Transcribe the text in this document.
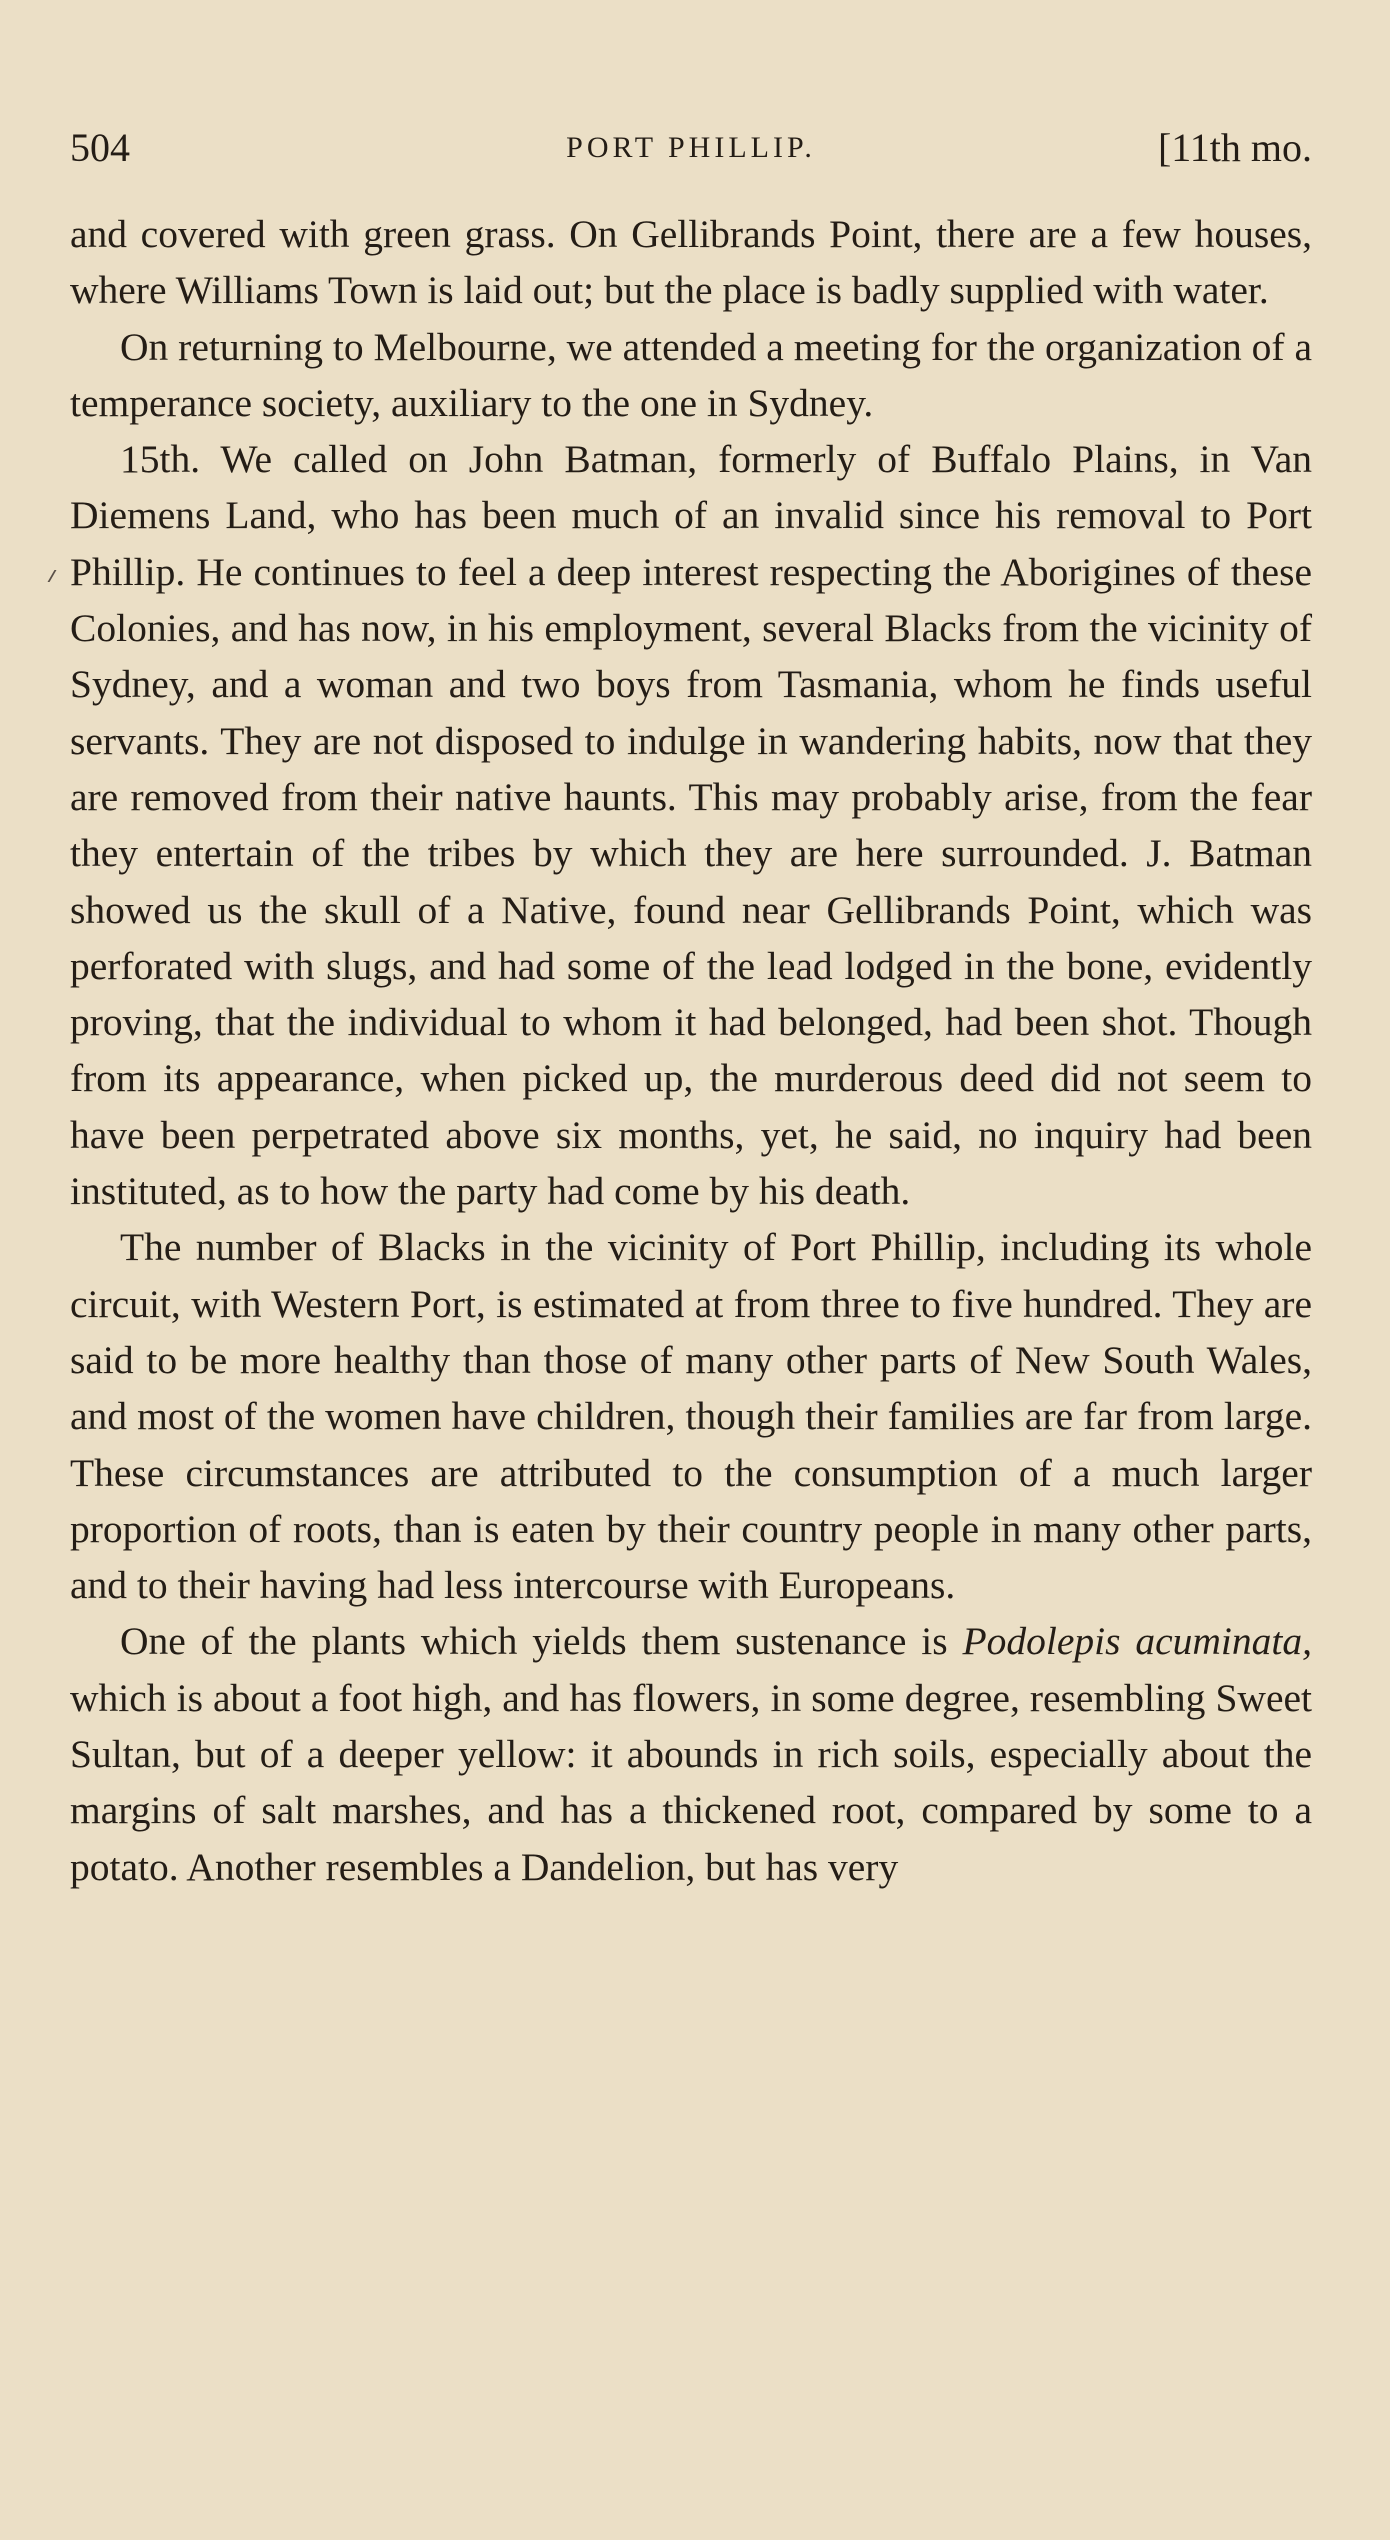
504	PORT PHILLIP.	[11th mo.

and covered with green grass. On Gellibrands Point, there are a few houses, where Williams Town is laid out; but the place is badly supplied with water.

On returning to Melbourne, we attended a meeting for the organization of a temperance society, auxiliary to the one in Sydney.

15th. We called on John Batman, formerly of Buffalo Plains, in Van Diemens Land, who has been much of an invalid since his removal to Port Phillip. He continues to feel a deep interest respecting the Aborigines of these Colonies, and has now, in his employment, several Blacks from the vicinity of Sydney, and a woman and two boys from Tasmania, whom he finds useful servants. They are not disposed to indulge in wandering habits, now that they are removed from their native haunts. This may probably arise, from the fear they entertain of the tribes by which they are here surrounded. J. Batman showed us the skull of a Native, found near Gellibrands Point, which was perforated with slugs, and had some of the lead lodged in the bone, evidently proving, that the individual to whom it had belonged, had been shot. Though from its appearance, when picked up, the murderous deed did not seem to have been perpetrated above six months, yet, he said, no inquiry had been instituted, as to how the party had come by his death.

The number of Blacks in the vicinity of Port Phillip, including its whole circuit, with Western Port, is estimated at from three to five hundred. They are said to be more healthy than those of many other parts of New South Wales, and most of the women have children, though their families are far from large. These circumstances are attributed to the consumption of a much larger proportion of roots, than is eaten by their country people in many other parts, and to their having had less intercourse with Europeans.

One of the plants which yields them sustenance is Podolepis acuminata, which is about a foot high, and has flowers, in some degree, resembling Sweet Sultan, but of a deeper yellow: it abounds in rich soils, especially about the margins of salt marshes, and has a thickened root, compared by some to a potato. Another resembles a Dandelion, but has very
